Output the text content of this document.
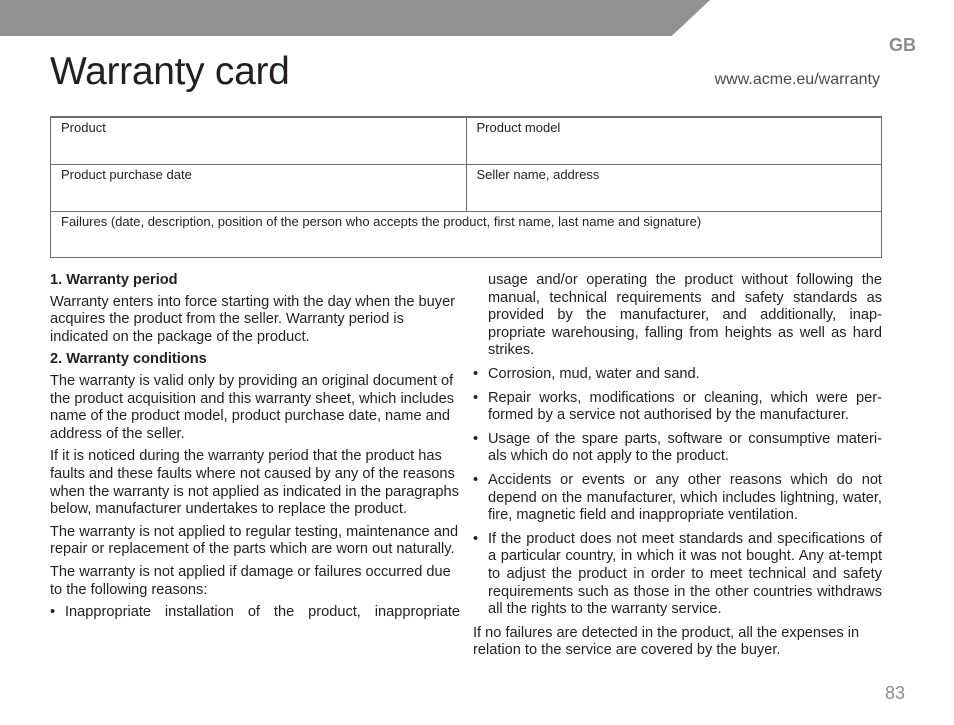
GB
Warranty card	www.acme.eu/warranty
Product	Product model
Product purchase date	Seller name, address
Failures (date, description, position of the person who accepts the product, first name, last name and signature)
1. Warranty period

Warranty enters into force starting with the day when the buyer acquires the product from the seller. Warranty period is indicated on the package of the product.

2. Warranty conditions

The warranty is valid only by providing an original document of the product acquisition and this warranty sheet, which includes name of the product model, product purchase date, name and address of the seller.

If it is noticed during the warranty period that the product has faults and these faults where not caused by any of the reasons when the warranty is not applied as indicated in the paragraphs below, manufacturer undertakes to replace the product.

The warranty is not applied to regular testing, maintenance and repair or replacement of the parts which are worn out naturally.

The warranty is not applied if damage or failures occurred due to the following reasons:

• Inappropriate installation of the product, inappropriate
usage and/or operating the product without following the manual, technical requirements and safety standards as provided by the manufacturer, and additionally, inap-propriate warehousing, falling from heights as well as hard strikes.
• Corrosion, mud, water and sand.
• Repair works, modifications or cleaning, which were per-formed by a service not authorised by the manufacturer.
• Usage of the spare parts, software or consumptive materi-als which do not apply to the product.
• Accidents or events or any other reasons which do not depend on the manufacturer, which includes lightning, water, fire, magnetic field and inappropriate ventilation.
• If the product does not meet standards and specifications of a particular country, in which it was not bought. Any at-tempt to adjust the product in order to meet technical and safety requirements such as those in the other countries withdraws all the rights to the warranty service.

If no failures are detected in the product, all the expenses in relation to the service are covered by the buyer.

83
